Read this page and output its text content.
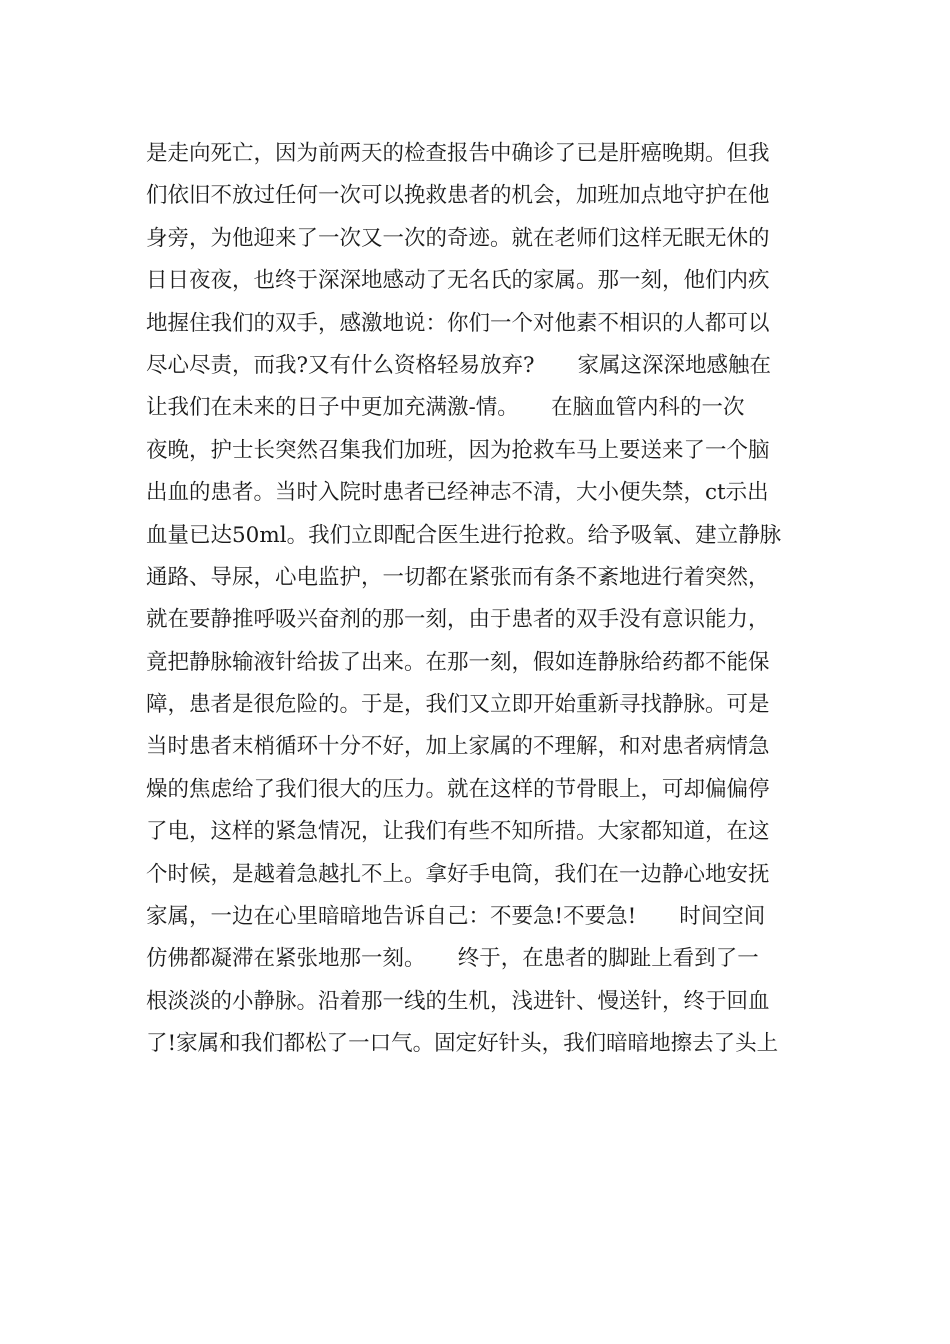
是走向死亡，因为前两天的检查报告中确诊了已是肝癌晚期。但我
们依旧不放过任何一次可以挽救患者的机会，加班加点地守护在他
身旁，为他迎来了一次又一次的奇迹。就在老师们这样无眠无休的
日日夜夜，也终于深深地感动了无名氏的家属。那一刻，他们内疚
地握住我们的双手，感激地说：你们一个对他素不相识的人都可以
尽心尽责，而我?又有什么资格轻易放弃?　　家属这深深地感触在
让我们在未来的日子中更加充满激-情。　　在脑血管内科的一次
夜晚，护士长突然召集我们加班，因为抢救车马上要送来了一个脑
出血的患者。当时入院时患者已经神志不清，大小便失禁，ct示出
血量已达50ml。我们立即配合医生进行抢救。给予吸氧、建立静脉
通路、导尿，心电监护，一切都在紧张而有条不紊地进行着突然，
就在要静推呼吸兴奋剂的那一刻，由于患者的双手没有意识能力，
竟把静脉输液针给拔了出来。在那一刻，假如连静脉给药都不能保
障，患者是很危险的。于是，我们又立即开始重新寻找静脉。可是
当时患者末梢循环十分不好，加上家属的不理解，和对患者病情急
燥的焦虑给了我们很大的压力。就在这样的节骨眼上，可却偏偏停
了电，这样的紧急情况，让我们有些不知所措。大家都知道，在这
个时候，是越着急越扎不上。拿好手电筒，我们在一边静心地安抚
家属，一边在心里暗暗地告诉自己：不要急!不要急!　　时间空间
仿佛都凝滞在紧张地那一刻。　　终于，在患者的脚趾上看到了一
根淡淡的小静脉。沿着那一线的生机，浅进针、慢送针，终于回血
了!家属和我们都松了一口气。固定好针头，我们暗暗地擦去了头上
